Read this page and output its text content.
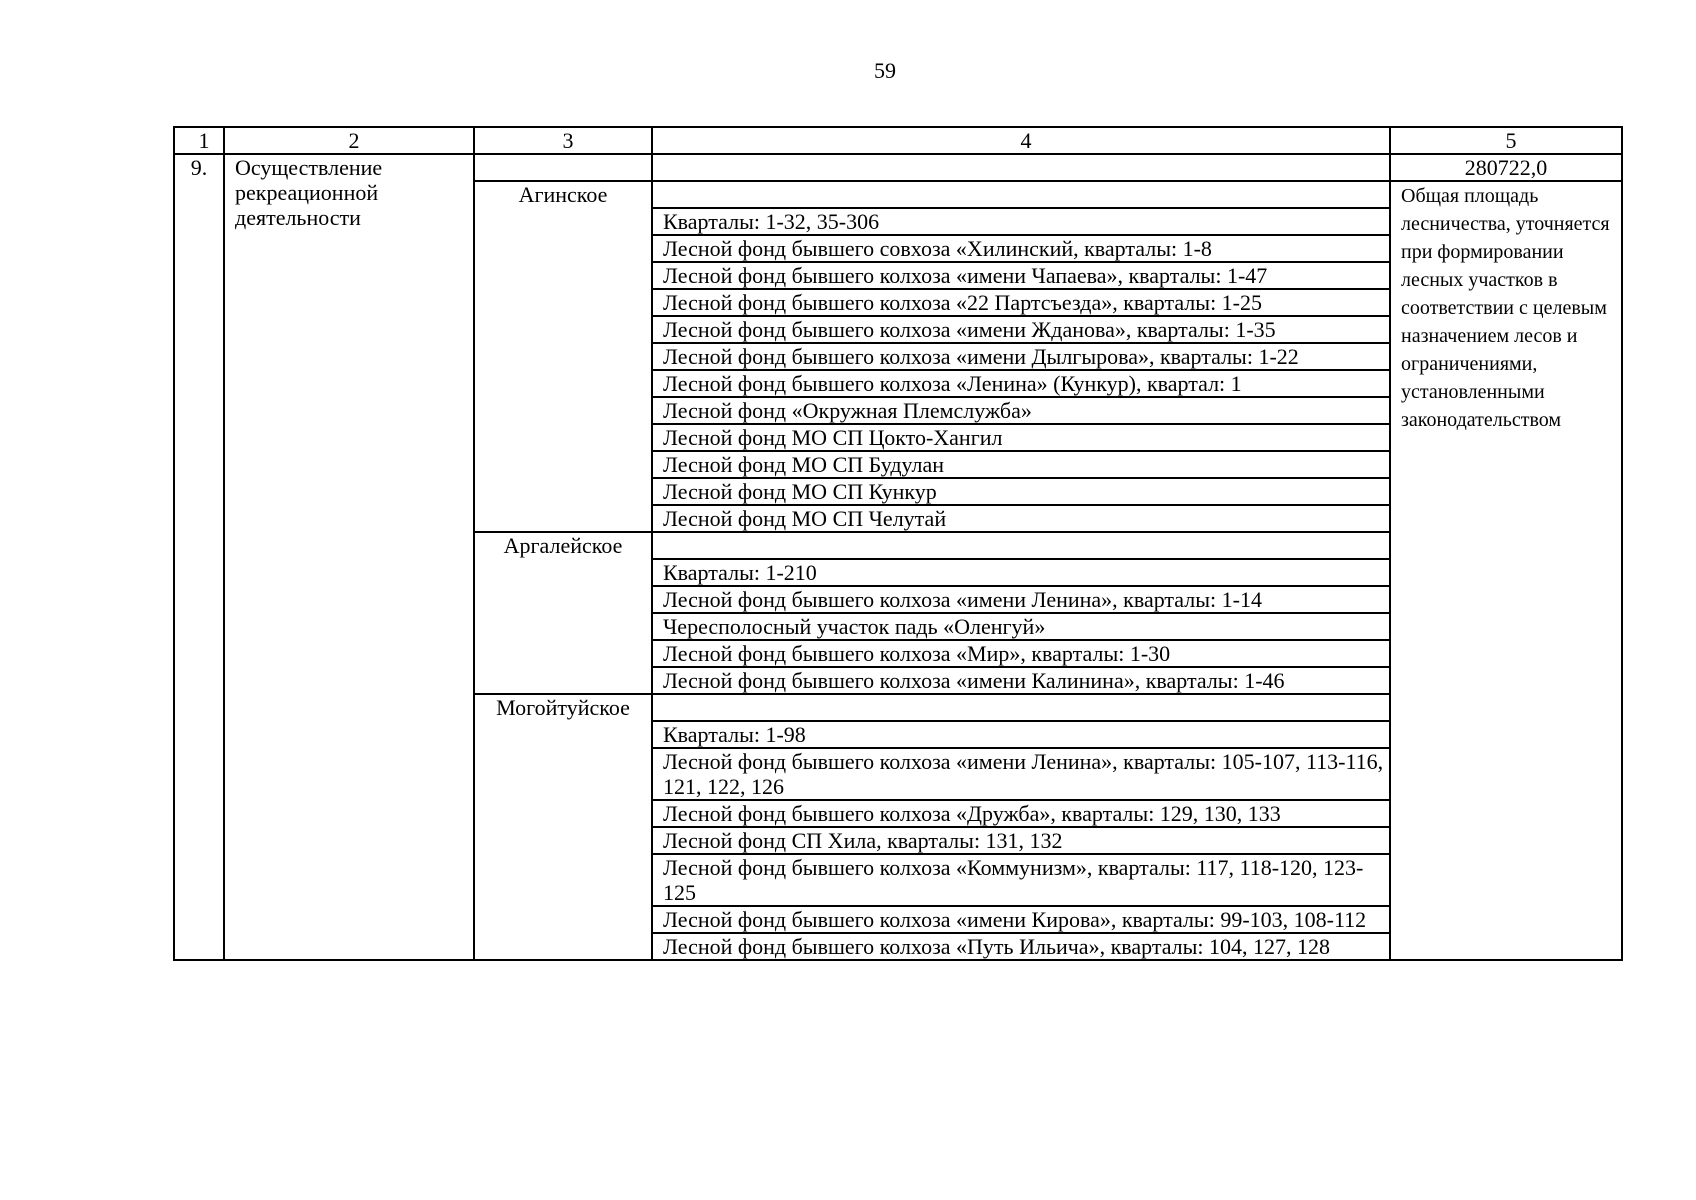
59
1	2	3	4	5
9.	Осуществление рекреационной деятельности			280722,0
		Агинское		Общая площадь лесничества, уточняется при формировании лесных участков в соответствии с целевым назначением лесов и ограничениями, установленными законодательством
			Кварталы: 1-32, 35-306	
			Лесной фонд бывшего совхоза «Хилинский, кварталы: 1-8	
			Лесной фонд бывшего колхоза «имени Чапаева», кварталы: 1-47	
			Лесной фонд бывшего колхоза «22 Партсъезда», кварталы: 1-25	
			Лесной фонд бывшего колхоза «имени Жданова», кварталы: 1-35	
			Лесной фонд бывшего колхоза «имени Дылгырова», кварталы: 1-22	
			Лесной фонд бывшего колхоза «Ленина» (Кункур), квартал: 1	
			Лесной фонд «Окружная Племслужба»	
			Лесной фонд МО СП Цокто-Хангил	
			Лесной фонд МО СП Будулан	
			Лесной фонд МО СП Кункур	
			Лесной фонд МО СП Челутай	
		Аргалейское		
			Кварталы: 1-210	
			Лесной фонд бывшего колхоза «имени Ленина», кварталы: 1-14	
			Чересполосный участок падь «Оленгуй»	
			Лесной фонд бывшего колхоза «Мир», кварталы: 1-30	
			Лесной фонд бывшего колхоза «имени Калинина», кварталы: 1-46	
		Могойтуйское		
			Кварталы: 1-98	
			Лесной фонд бывшего колхоза «имени Ленина», кварталы: 105-107, 113-116, 121, 122, 126	
			Лесной фонд бывшего колхоза «Дружба», кварталы: 129, 130, 133	
			Лесной фонд СП Хила, кварталы: 131, 132	
			Лесной фонд бывшего колхоза «Коммунизм», кварталы: 117, 118-120, 123-125	
			Лесной фонд бывшего колхоза «имени Кирова», кварталы: 99-103, 108-112	
			Лесной фонд бывшего колхоза «Путь Ильича», кварталы: 104, 127, 128	
